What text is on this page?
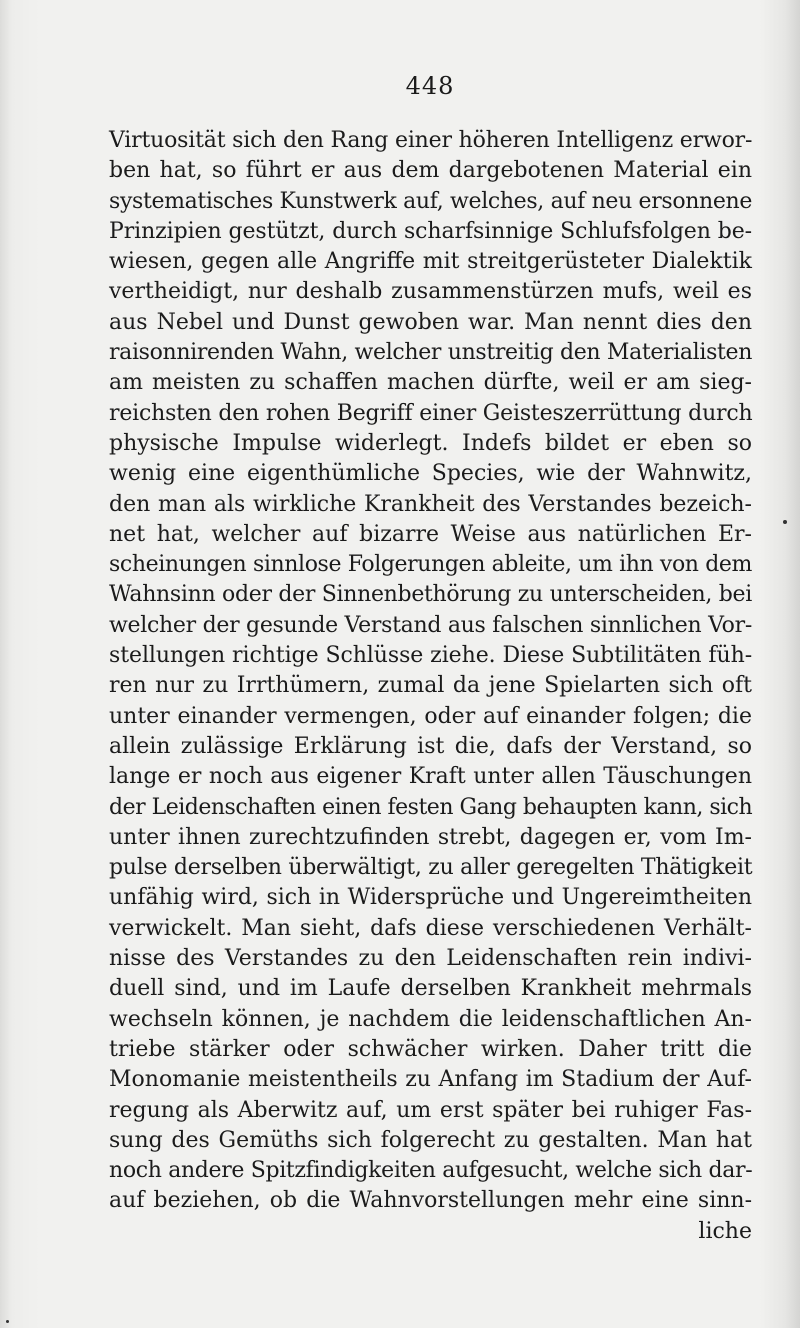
448
Virtuosität sich den Rang einer höheren Intelligenz erwor-
ben hat, so führt er aus dem dargebotenen Material ein
systematisches Kunstwerk auf, welches, auf neu ersonnene
Prinzipien gestützt, durch scharfsinnige Schlufsfolgen be-
wiesen, gegen alle Angriffe mit streitgerüsteter Dialektik
vertheidigt, nur deshalb zusammenstürzen mufs, weil es
aus Nebel und Dunst gewoben war. Man nennt dies den
raisonnirenden Wahn, welcher unstreitig den Materialisten
am meisten zu schaffen machen dürfte, weil er am sieg-
reichsten den rohen Begriff einer Geisteszerrüttung durch
physische Impulse widerlegt. Indefs bildet er eben so
wenig eine eigenthümliche Species, wie der Wahnwitz,
den man als wirkliche Krankheit des Verstandes bezeich-
net hat, welcher auf bizarre Weise aus natürlichen Er-
scheinungen sinnlose Folgerungen ableite, um ihn von dem
Wahnsinn oder der Sinnenbethörung zu unterscheiden, bei
welcher der gesunde Verstand aus falschen sinnlichen Vor-
stellungen richtige Schlüsse ziehe. Diese Subtilitäten füh-
ren nur zu Irrthümern, zumal da jene Spielarten sich oft
unter einander vermengen, oder auf einander folgen; die
allein zulässige Erklärung ist die, dafs der Verstand, so
lange er noch aus eigener Kraft unter allen Täuschungen
der Leidenschaften einen festen Gang behaupten kann, sich
unter ihnen zurechtzufinden strebt, dagegen er, vom Im-
pulse derselben überwältigt, zu aller geregelten Thätigkeit
unfähig wird, sich in Widersprüche und Ungereimtheiten
verwickelt. Man sieht, dafs diese verschiedenen Verhält-
nisse des Verstandes zu den Leidenschaften rein indivi-
duell sind, und im Laufe derselben Krankheit mehrmals
wechseln können, je nachdem die leidenschaftlichen An-
triebe stärker oder schwächer wirken. Daher tritt die
Monomanie meistentheils zu Anfang im Stadium der Auf-
regung als Aberwitz auf, um erst später bei ruhiger Fas-
sung des Gemüths sich folgerecht zu gestalten. Man hat
noch andere Spitzfindigkeiten aufgesucht, welche sich dar-
auf beziehen, ob die Wahnvorstellungen mehr eine sinn-
liche
